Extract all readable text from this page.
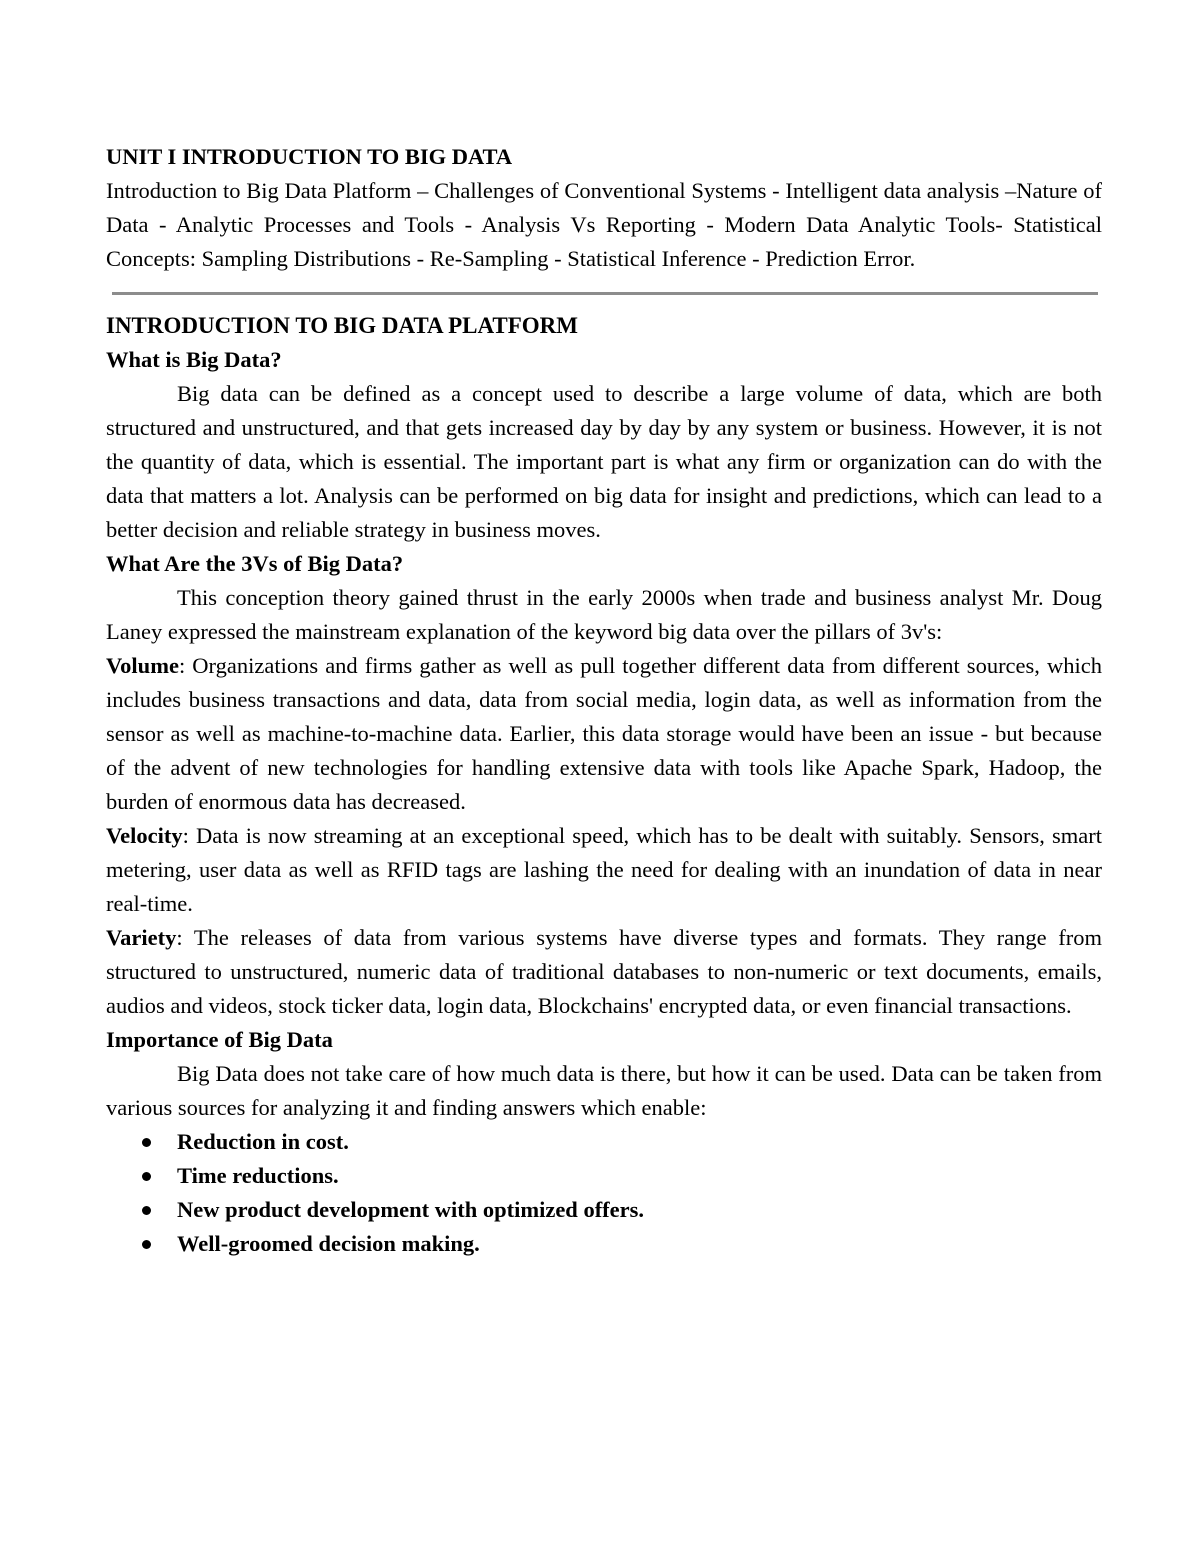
UNIT I INTRODUCTION TO BIG DATA

Introduction to Big Data Platform – Challenges of Conventional Systems - Intelligent data analysis –Nature of Data - Analytic Processes and Tools - Analysis Vs Reporting - Modern Data Analytic Tools- Statistical Concepts: Sampling Distributions - Re-Sampling - Statistical Inference - Prediction Error.

INTRODUCTION TO BIG DATA PLATFORM

What is Big Data?

Big data can be defined as a concept used to describe a large volume of data, which are both structured and unstructured, and that gets increased day by day by any system or business. However, it is not the quantity of data, which is essential. The important part is what any firm or organization can do with the data that matters a lot. Analysis can be performed on big data for insight and predictions, which can lead to a better decision and reliable strategy in business moves.

What Are the 3Vs of Big Data?

This conception theory gained thrust in the early 2000s when trade and business analyst Mr. Doug Laney expressed the mainstream explanation of the keyword big data over the pillars of 3v's:

Volume: Organizations and firms gather as well as pull together different data from different sources, which includes business transactions and data, data from social media, login data, as well as information from the sensor as well as machine-to-machine data. Earlier, this data storage would have been an issue - but because of the advent of new technologies for handling extensive data with tools like Apache Spark, Hadoop, the burden of enormous data has decreased.

Velocity: Data is now streaming at an exceptional speed, which has to be dealt with suitably. Sensors, smart metering, user data as well as RFID tags are lashing the need for dealing with an inundation of data in near real-time.

Variety: The releases of data from various systems have diverse types and formats. They range from structured to unstructured, numeric data of traditional databases to non-numeric or text documents, emails, audios and videos, stock ticker data, login data, Blockchains' encrypted data, or even financial transactions.

Importance of Big Data

Big Data does not take care of how much data is there, but how it can be used. Data can be taken from various sources for analyzing it and finding answers which enable:

Reduction in cost.
Time reductions.
New product development with optimized offers.
Well-groomed decision making.
